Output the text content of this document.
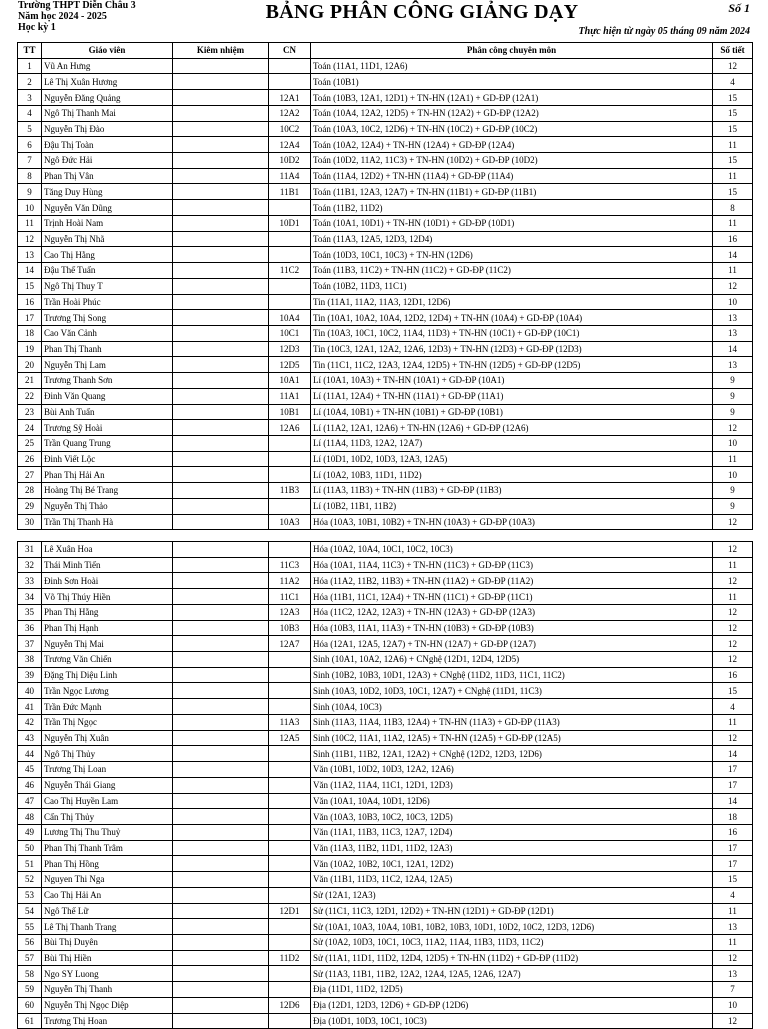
Trường THPT Diễn Châu 3
Năm học 2024 - 2025
Học kỳ 1
BẢNG PHÂN CÔNG GIẢNG DẠY	Số 1
Thực hiện từ ngày 05 tháng 09 năm 2024
TT	Giáo viên	Kiêm nhiệm	CN	Phân công chuyên môn	Số tiết
1	Vũ An Hưng			Toán (11A1, 11D1, 12A6)	12
2	Lê Thị Xuân Hương			Toán (10B1)	4
3	Nguyễn Đăng Quảng		12A1	Toán (10B3, 12A1, 12D1) + TN-HN (12A1) + GD-ĐP (12A1)	15
4	Ngô Thị Thanh Mai		12A2	Toán (10A4, 12A2, 12D5) + TN-HN (12A2) + GD-ĐP (12A2)	15
5	Nguyễn Thị Đào		10C2	Toán (10A3, 10C2, 12D6) + TN-HN (10C2) + GD-ĐP (10C2)	15
6	Đậu Thị Toàn		12A4	Toán (10A2, 12A4) + TN-HN (12A4) + GD-ĐP (12A4)	11
7	Ngô Đức Hải		10D2	Toán (10D2, 11A2, 11C3) + TN-HN (10D2) + GD-ĐP (10D2)	15
8	Phan Thị Vân		11A4	Toán (11A4, 12D2) + TN-HN (11A4) + GD-ĐP (11A4)	11
9	Tăng Duy Hùng		11B1	Toán (11B1, 12A3, 12A7) + TN-HN (11B1) + GD-ĐP (11B1)	15
10	Nguyễn Văn Dũng			Toán (11B2, 11D2)	8
11	Trịnh Hoài Nam		10D1	Toán (10A1, 10D1) + TN-HN (10D1) + GD-ĐP (10D1)	11
12	Nguyễn Thị Nhã			Toán (11A3, 12A5, 12D3, 12D4)	16
13	Cao Thị Hằng			Toán (10D3, 10C1, 10C3) + TN-HN (12D6)	14
14	Đậu Thế Tuấn		11C2	Toán (11B3, 11C2) + TN-HN (11C2) + GD-ĐP (11C2)	11
15	Ngô Thị Thuy T			Toán (10B2, 11D3, 11C1)	12
16	Trần Hoài Phúc			Tin (11A1, 11A2, 11A3, 12D1, 12D6)	10
17	Trương Thị Song		10A4	Tin (10A1, 10A2, 10A4, 12D2, 12D4) + TN-HN (10A4) + GD-ĐP (10A4)	13
18	Cao Văn Cảnh		10C1	Tin (10A3, 10C1, 10C2, 11A4, 11D3) + TN-HN (10C1) + GD-ĐP (10C1)	13
19	Phan Thị Thanh		12D3	Tin (10C3, 12A1, 12A2, 12A6, 12D3) + TN-HN (12D3) + GD-ĐP (12D3)	14
20	Nguyễn Thị Lam		12D5	Tin (11C1, 11C2, 12A3, 12A4, 12D5) + TN-HN (12D5) + GD-ĐP (12D5)	13
21	Trương Thanh Sơn		10A1	Lí (10A1, 10A3) + TN-HN (10A1) + GD-ĐP (10A1)	9
22	Đinh Văn Quang		11A1	Lí (11A1, 12A4) + TN-HN (11A1) + GD-ĐP (11A1)	9
23	Bùi Anh Tuấn		10B1	Lí (10A4, 10B1) + TN-HN (10B1) + GD-ĐP (10B1)	9
24	Trương Sỹ Hoài		12A6	Lí (11A2, 12A1, 12A6) + TN-HN (12A6) + GD-ĐP (12A6)	12
25	Trần Quang Trung			Lí (11A4, 11D3, 12A2, 12A7)	10
26	Đinh Viết Lộc			Lí (10D1, 10D2, 10D3, 12A3, 12A5)	11
27	Phan Thị Hải An			Lí (10A2, 10B3, 11D1, 11D2)	10
28	Hoàng Thị Bé Trang		11B3	Lí (11A3, 11B3) + TN-HN (11B3) + GD-ĐP (11B3)	9
29	Nguyễn Thị Thảo			Lí (10B2, 11B1, 11B2)	9
30	Trần Thị Thanh Hà		10A3	Hóa (10A3, 10B1, 10B2) + TN-HN (10A3) + GD-ĐP (10A3)	12
31	Lê Xuân Hoa			Hóa (10A2, 10A4, 10C1, 10C2, 10C3)	12
32	Thái Minh Tiến		11C3	Hóa (10A1, 11A4, 11C3) + TN-HN (11C3) + GD-ĐP (11C3)	11
33	Đinh Sơn Hoài		11A2	Hóa (11A2, 11B2, 11B3) + TN-HN (11A2) + GD-ĐP (11A2)	12
34	Võ Thị Thúy Hiền		11C1	Hóa (11B1, 11C1, 12A4) + TN-HN (11C1) + GD-ĐP (11C1)	11
35	Phan Thị Hằng		12A3	Hóa (11C2, 12A2, 12A3) + TN-HN (12A3) + GD-ĐP (12A3)	12
36	Phan Thị Hạnh		10B3	Hóa (10B3, 11A1, 11A3) + TN-HN (10B3) + GD-ĐP (10B3)	12
37	Nguyễn Thị Mai		12A7	Hóa (12A1, 12A5, 12A7) + TN-HN (12A7) + GD-ĐP (12A7)	12
38	Trương Văn Chiến			Sinh (10A1, 10A2, 12A6) + CNghệ (12D1, 12D4, 12D5)	12
39	Đặng Thị Diệu Linh			Sinh (10B2, 10B3, 10D1, 12A3) + CNghệ (11D2, 11D3, 11C1, 11C2)	16
40	Trần Ngọc Lương			Sinh (10A3, 10D2, 10D3, 10C1, 12A7) + CNghệ (11D1, 11C3)	15
41	Trần Đức Mạnh			Sinh (10A4, 10C3)	4
42	Trần Thị Ngọc		11A3	Sinh (11A3, 11A4, 11B3, 12A4) + TN-HN (11A3) + GD-ĐP (11A3)	11
43	Nguyễn Thị Xuân		12A5	Sinh (10C2, 11A1, 11A2, 12A5) + TN-HN (12A5) + GD-ĐP (12A5)	12
44	Ngô Thị Thủy			Sinh (11B1, 11B2, 12A1, 12A2) + CNghệ (12D2, 12D3, 12D6)	14
45	Trương Thị Loan			Văn (10B1, 10D2, 10D3, 12A2, 12A6)	17
46	Nguyễn Thái Giang			Văn (11A2, 11A4, 11C1, 12D1, 12D3)	17
47	Cao Thị Huyền Lam			Văn (10A1, 10A4, 10D1, 12D6)	14
48	Cấn Thị Thủy			Văn (10A3, 10B3, 10C2, 10C3, 12D5)	18
49	Lương Thị Thu Thuỷ			Văn (11A1, 11B3, 11C3, 12A7, 12D4)	16
50	Phan Thị Thanh Trâm			Văn (11A3, 11B2, 11D1, 11D2, 12A3)	17
51	Phan Thị Hồng			Văn (10A2, 10B2, 10C1, 12A1, 12D2)	17
52	Nguyen Thi Nga			Văn (11B1, 11D3, 11C2, 12A4, 12A5)	15
53	Cao Thị Hải An			Sử (12A1, 12A3)	4
54	Ngô Thế Lữ		12D1	Sử (11C1, 11C3, 12D1, 12D2) + TN-HN (12D1) + GD-ĐP (12D1)	11
55	Lê Thị Thanh Trang			Sử (10A1, 10A3, 10A4, 10B1, 10B2, 10B3, 10D1, 10D2, 10C2, 12D3, 12D6)	13
56	Bùi Thị Duyên			Sử (10A2, 10D3, 10C1, 10C3, 11A2, 11A4, 11B3, 11D3, 11C2)	11
57	Bùi Thị Hiền		11D2	Sử (11A1, 11D1, 11D2, 12D4, 12D5) + TN-HN (11D2) + GD-ĐP (11D2)	12
58	Ngo SY Luong			Sử (11A3, 11B1, 11B2, 12A2, 12A4, 12A5, 12A6, 12A7)	13
59	Nguyễn Thị Thanh			Địa (11D1, 11D2, 12D5)	7
60	Nguyễn Thị Ngọc Diệp		12D6	Địa (12D1, 12D3, 12D6) + GD-ĐP (12D6)	10
61	Trương Thị Hoan			Địa (10D1, 10D3, 10C1, 10C3)	12
